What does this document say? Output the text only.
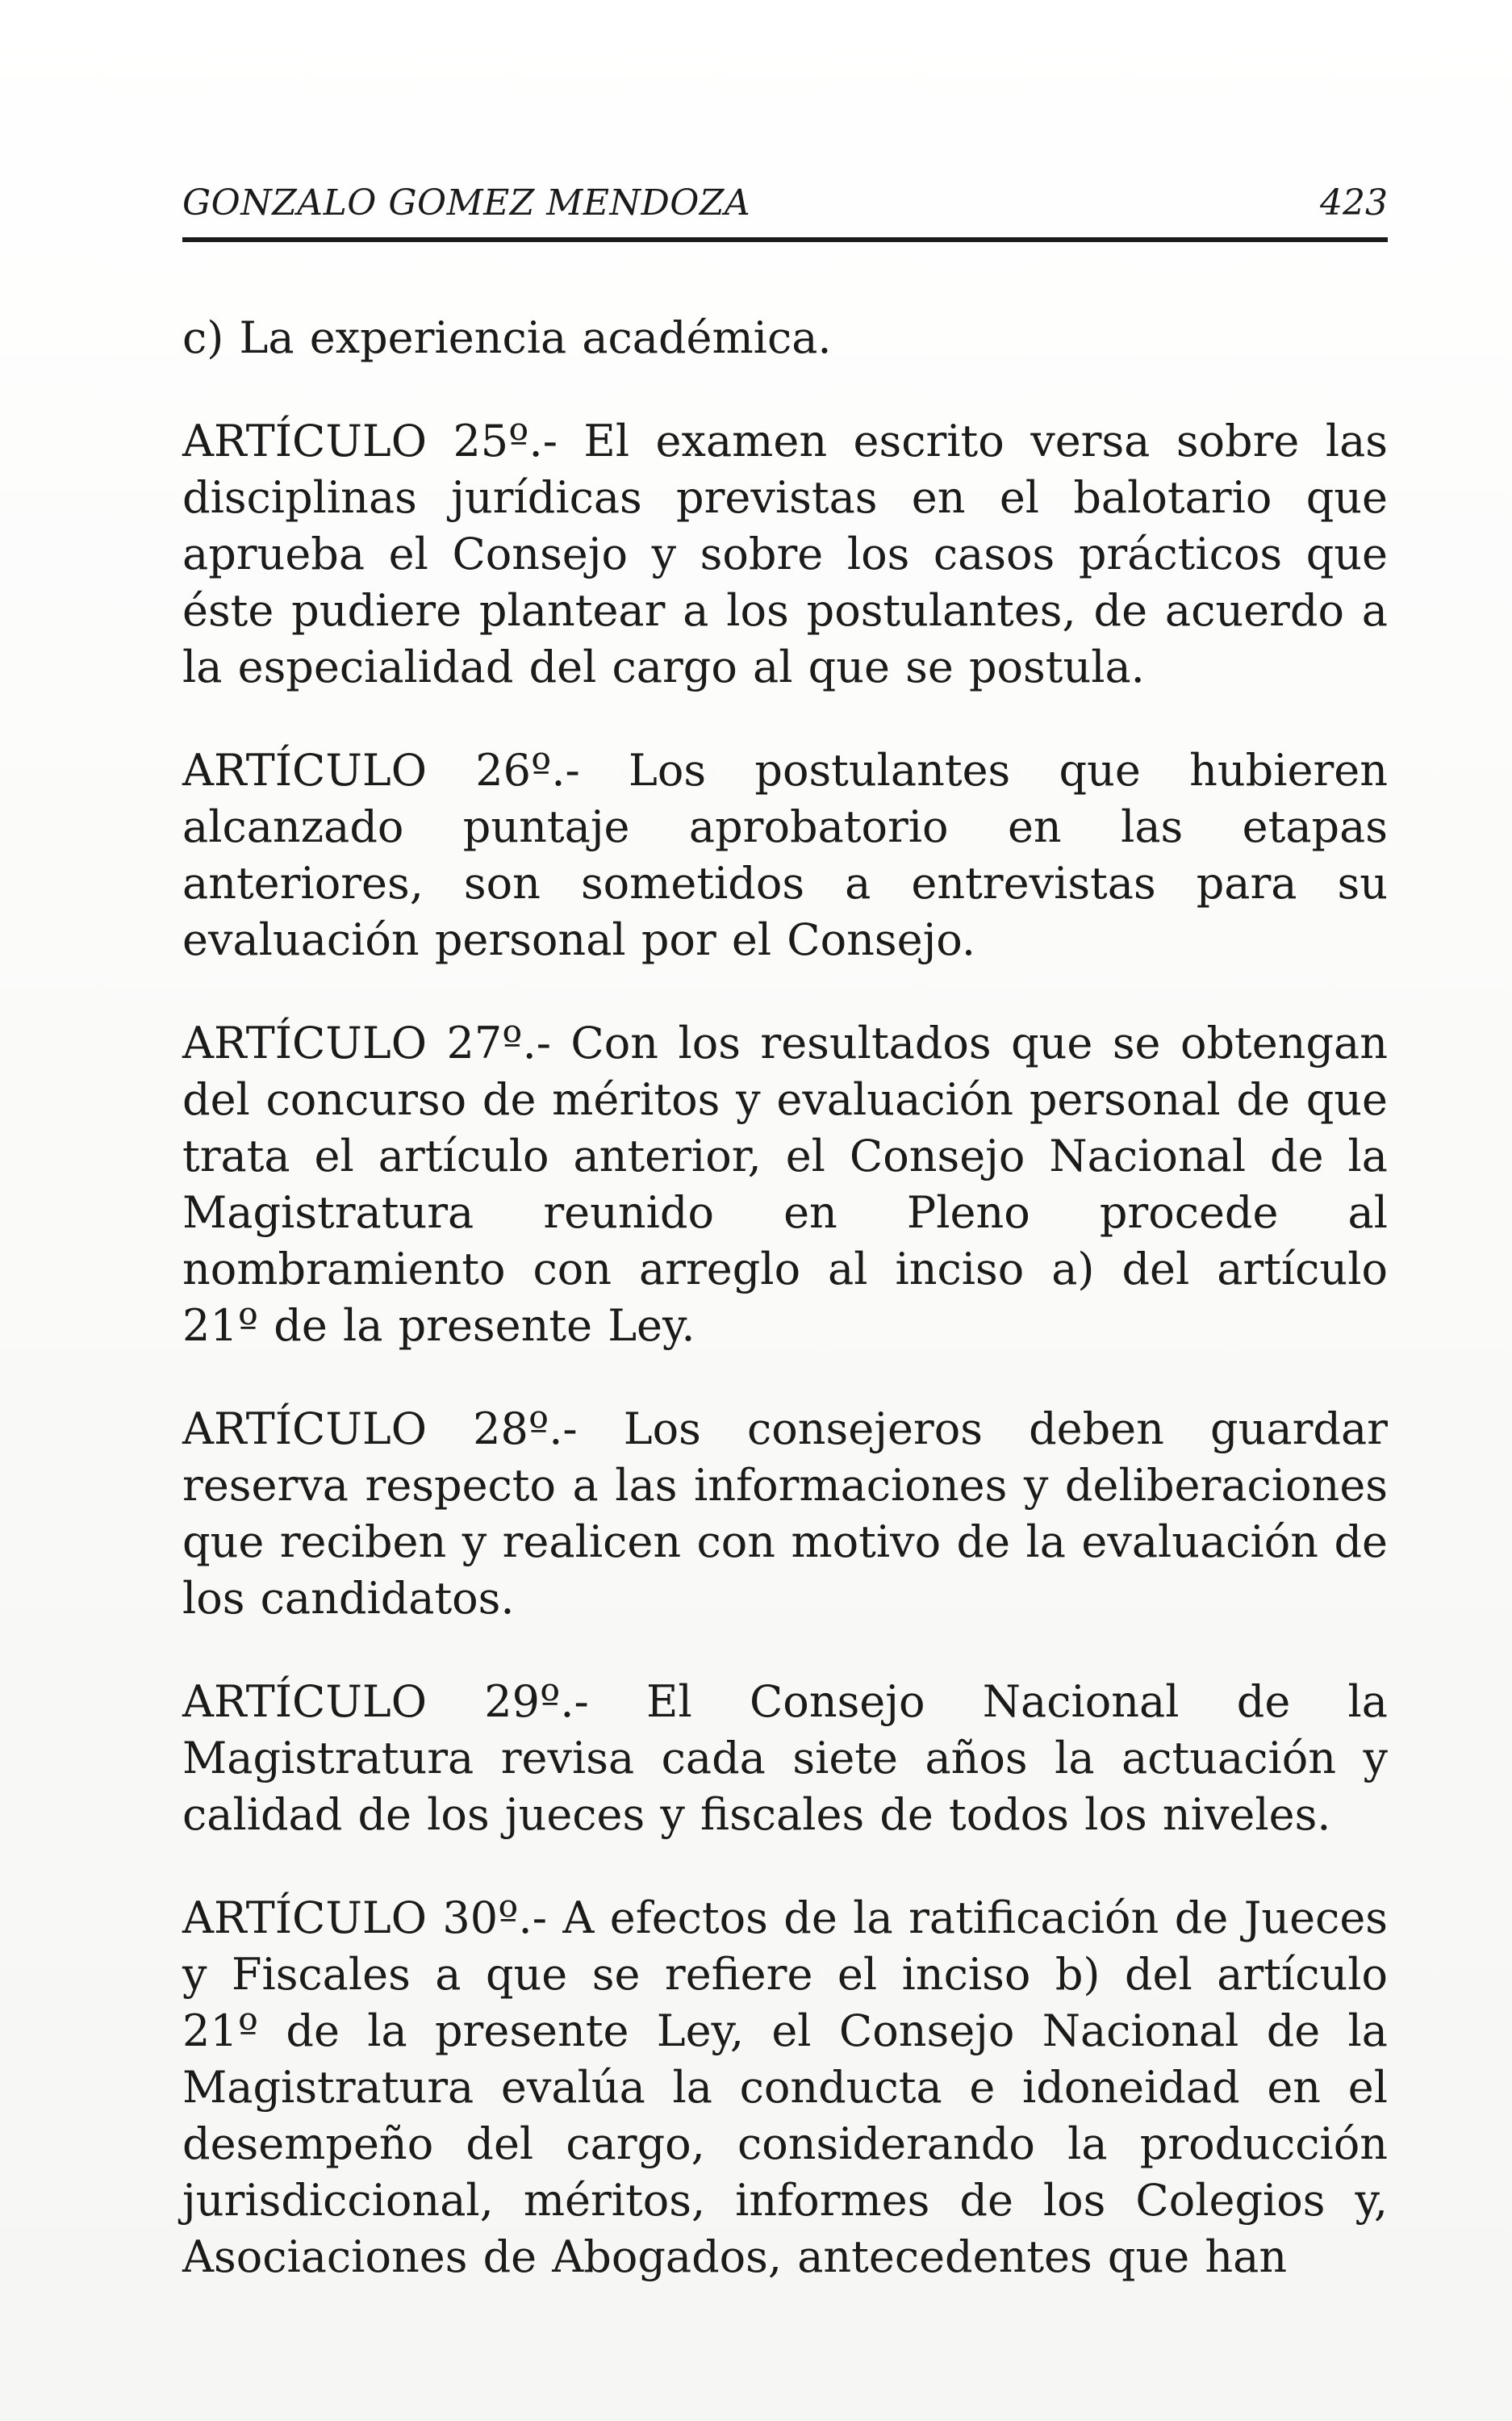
GONZALO GOMEZ MENDOZA	423

c) La experiencia académica.

ARTÍCULO 25º.- El examen escrito versa sobre las disciplinas jurídicas previstas en el balotario que aprueba el Consejo y sobre los casos prácticos que éste pudiere plantear a los postulantes, de acuerdo a la especialidad del cargo al que se postula.

ARTÍCULO 26º.- Los postulantes que hubieren alcanzado puntaje aprobatorio en las etapas anteriores, son sometidos a entrevistas para su evaluación personal por el Consejo.

ARTÍCULO 27º.- Con los resultados que se obtengan del concurso de méritos y evaluación personal de que trata el artículo anterior, el Consejo Nacional de la Magistratura reunido en Pleno procede al nombramiento con arreglo al inciso a) del artículo 21º de la presente Ley.

ARTÍCULO 28º.- Los consejeros deben guardar reserva respecto a las informaciones y deliberaciones que reciben y realicen con motivo de la evaluación de los candidatos.

ARTÍCULO 29º.- El Consejo Nacional de la Magistratura revisa cada siete años la actuación y calidad de los jueces y fiscales de todos los niveles.

ARTÍCULO 30º.- A efectos de la ratificación de Jueces y Fiscales a que se refiere el inciso b) del artículo 21º de la presente Ley, el Consejo Nacional de la Magistratura evalúa la conducta e idoneidad en el desempeño del cargo, considerando la producción jurisdiccional, méritos, informes de los Colegios y, Asociaciones de Abogados, antecedentes que han
